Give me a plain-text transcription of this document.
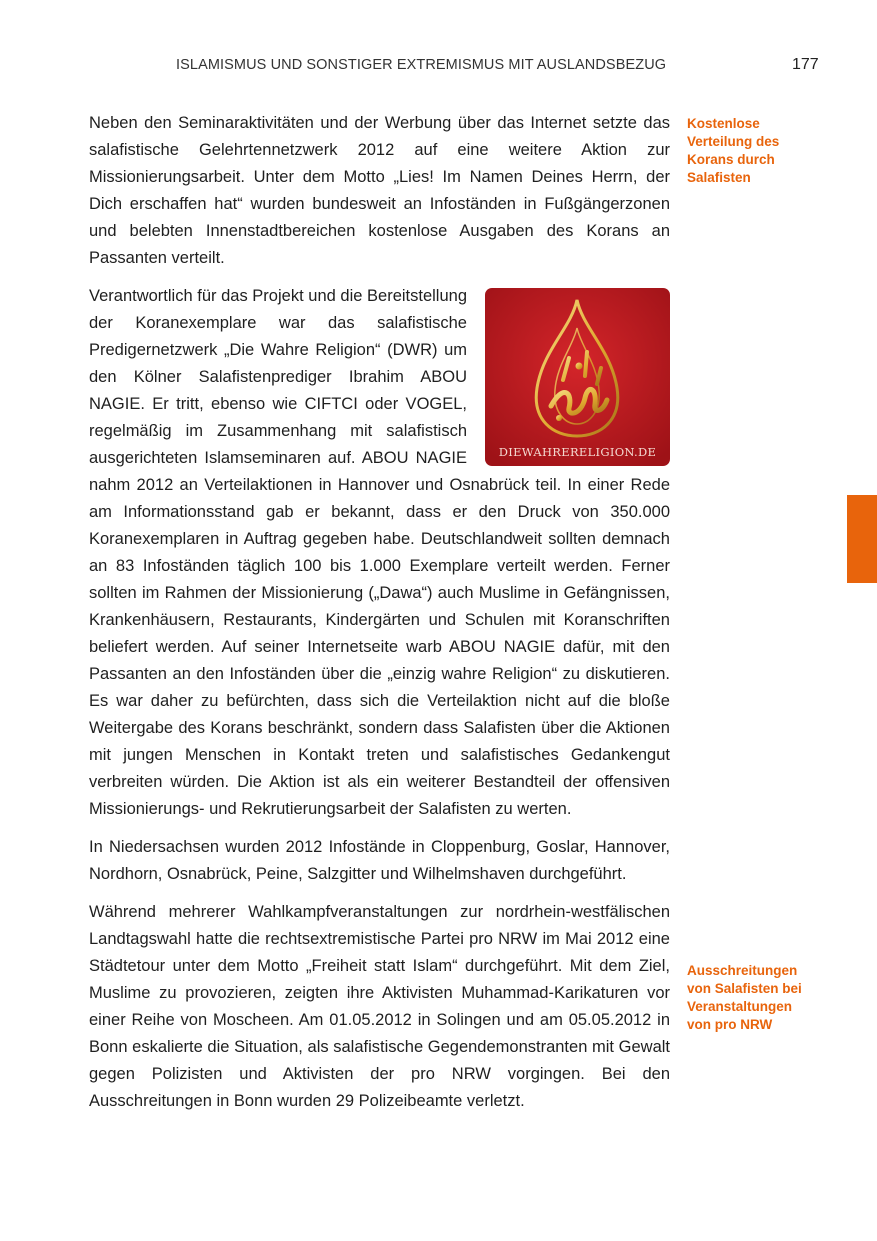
ISLAMISMUS UND SONSTIGER EXTREMISMUS MIT AUSLANDSBEZUG	177

Neben den Seminaraktivitäten und der Werbung über das Internet setzte das salafistische Gelehrtennetzwerk 2012 auf eine weitere Aktion zur Missionierungsarbeit. Unter dem Motto „Lies! Im Namen Deines Herrn, der Dich erschaffen hat“ wurden bundesweit an Infoständen in Fußgängerzonen und belebten Innenstadtbereichen kostenlose Ausgaben des Korans an Passanten verteilt.

DIEWAHRERELIGION.DE

Verantwortlich für das Projekt und die Bereitstellung der Koranexemplare war das salafistische Predigernetzwerk „Die Wahre Religion“ (DWR) um den Kölner Salafistenprediger Ibrahim ABOU NAGIE. Er tritt, ebenso wie CIFTCI oder VOGEL, regelmäßig im Zusammenhang mit salafistisch ausgerichteten Islamseminaren auf. ABOU NAGIE nahm 2012 an Verteilaktionen in Hannover und Osnabrück teil. In einer Rede am Informationsstand gab er bekannt, dass er den Druck von 350.000 Koranexemplaren in Auftrag gegeben habe. Deutschlandweit sollten demnach an 83 Infoständen täglich 100 bis 1.000 Exemplare verteilt werden. Ferner sollten im Rahmen der Missionierung („Dawa“) auch Muslime in Gefängnissen, Krankenhäusern, Restaurants, Kindergärten und Schulen mit Koranschriften beliefert werden. Auf seiner Internetseite warb ABOU NAGIE dafür, mit den Passanten an den Infoständen über die „einzig wahre Religion“ zu diskutieren. Es war daher zu befürchten, dass sich die Verteilaktion nicht auf die bloße Weitergabe des Korans beschränkt, sondern dass Salafisten über die Aktionen mit jungen Menschen in Kontakt treten und salafistisches Gedankengut verbreiten würden. Die Aktion ist als ein weiterer Bestandteil der offensiven Missionierungs- und Rekrutierungsarbeit der Salafisten zu werten.

In Niedersachsen wurden 2012 Infostände in Cloppenburg, Goslar, Hannover, Nordhorn, Osnabrück, Peine, Salzgitter und Wilhelmshaven durchgeführt.

Während mehrerer Wahlkampfveranstaltungen zur nordrhein-westfälischen Landtagswahl hatte die rechtsextremistische Partei pro NRW im Mai 2012 eine Städtetour unter dem Motto „Freiheit statt Islam“ durchgeführt. Mit dem Ziel, Muslime zu provozieren, zeigten ihre Aktivisten Muhammad-Karikaturen vor einer Reihe von Moscheen. Am 01.05.2012 in Solingen und am 05.05.2012 in Bonn eskalierte die Situation, als salafistische Gegendemonstranten mit Gewalt gegen Polizisten und Aktivisten der pro NRW vorgingen. Bei den Ausschreitungen in Bonn wurden 29 Polizeibeamte verletzt.

Kostenlose Verteilung des Korans durch Salafisten
Ausschreitungen von Salafisten bei Veranstaltungen von pro NRW
